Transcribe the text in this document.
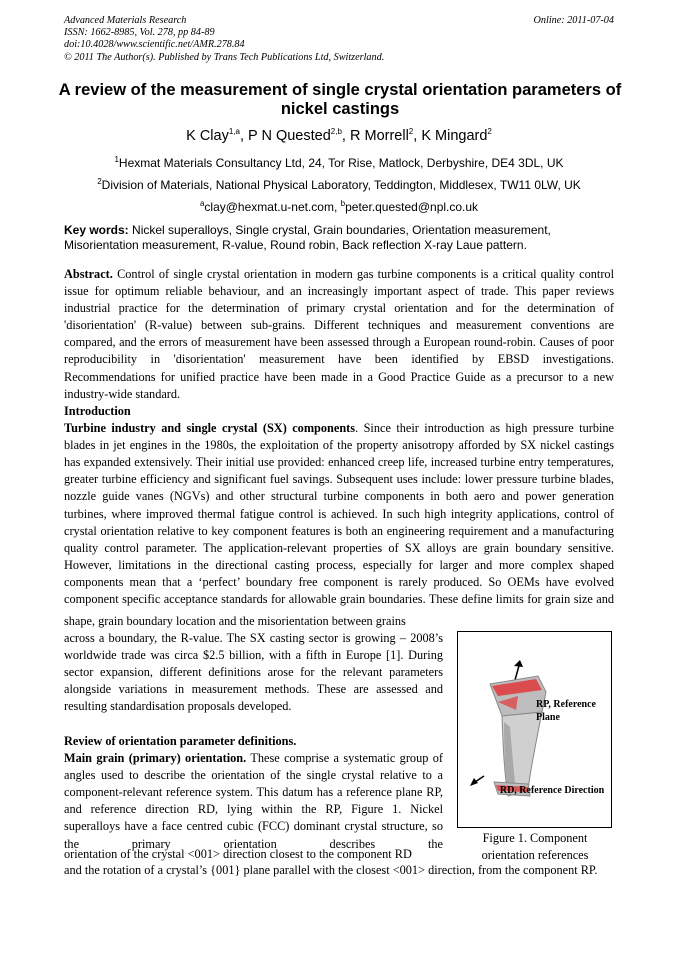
Advanced Materials Research
ISSN: 1662-8985, Vol. 278, pp 84-89
doi:10.4028/www.scientific.net/AMR.278.84
© 2011 The Author(s). Published by Trans Tech Publications Ltd, Switzerland.
Online: 2011-07-04
A review of the measurement of single crystal orientation parameters of nickel castings
K Clay$^{1,a}$, P N Quested$^{2,b}$, R Morrell$^2$, K Mingard$^2$
$^1$Hexmat Materials Consultancy Ltd, 24, Tor Rise, Matlock, Derbyshire, DE4 3DL, UK
$^2$Division of Materials, National Physical Laboratory, Teddington, Middlesex, TW11 0LW, UK
$^a$clay@hexmat.u-net.com, $^b$peter.quested@npl.co.uk
Key words: Nickel superalloys, Single crystal, Grain boundaries, Orientation measurement, Misorientation measurement, R-value, Round robin, Back reflection X-ray Laue pattern.
Abstract. Control of single crystal orientation in modern gas turbine components is a critical quality control issue for optimum reliable behaviour, and an increasingly important aspect of trade. This paper reviews industrial practice for the determination of primary crystal orientation and for the determination of 'disorientation' (R-value) between sub-grains. Different techniques and measurement conventions are compared, and the errors of measurement have been assessed through a European round-robin. Causes of poor reproducibility in 'disorientation' measurement have been identified by EBSD investigations. Recommendations for unified practice have been made in a Good Practice Guide as a precursor to a new industry-wide standard.
Introduction
Turbine industry and single crystal (SX) components. Since their introduction as high pressure turbine blades in jet engines in the 1980s, the exploitation of the property anisotropy afforded by SX nickel castings has expanded extensively. Their initial use provided: enhanced creep life, increased turbine entry temperatures, greater turbine efficiency and significant fuel savings. Subsequent uses include: lower pressure turbine blades, nozzle guide vanes (NGVs) and other structural turbine components in both aero and power generation turbines, where improved thermal fatigue control is achieved. In such high integrity applications, control of crystal orientation relative to key component features is both an engineering requirement and a manufacturing quality control parameter. The application-relevant properties of SX alloys are grain boundary sensitive. However, limitations in the directional casting process, especially for larger and more complex shaped components mean that a ‘perfect’ boundary free component is rarely produced. So OEMs have evolved component specific acceptance standards for allowable grain boundaries. These define limits for grain size and
shape, grain boundary location and the misorientation between grains
across a boundary, the R-value. The SX casting sector is growing – 2008’s worldwide trade was circa $2.5 billion, with a fifth in Europe [1]. During sector expansion, different definitions arose for the relevant parameters alongside variations in measurement methods. These are assessed and resulting standardisation proposals developed.
Review of orientation parameter definitions.
Main grain (primary) orientation. These comprise a systematic group of angles used to describe the orientation of the single crystal relative to a component-relevant reference system. This datum has a reference plane RP, and reference direction RD, lying within the RP, Figure 1. Nickel superalloys have a face centred cubic (FCC) dominant crystal structure, so the primary orientation describes the
orientation of the crystal <001> direction closest to the component RD
and the rotation of a crystal’s {001} plane parallel with the closest <001> direction, from the component RP.
RP, Reference Plane
RD, Reference Direction
Figure 1. Component orientation references
